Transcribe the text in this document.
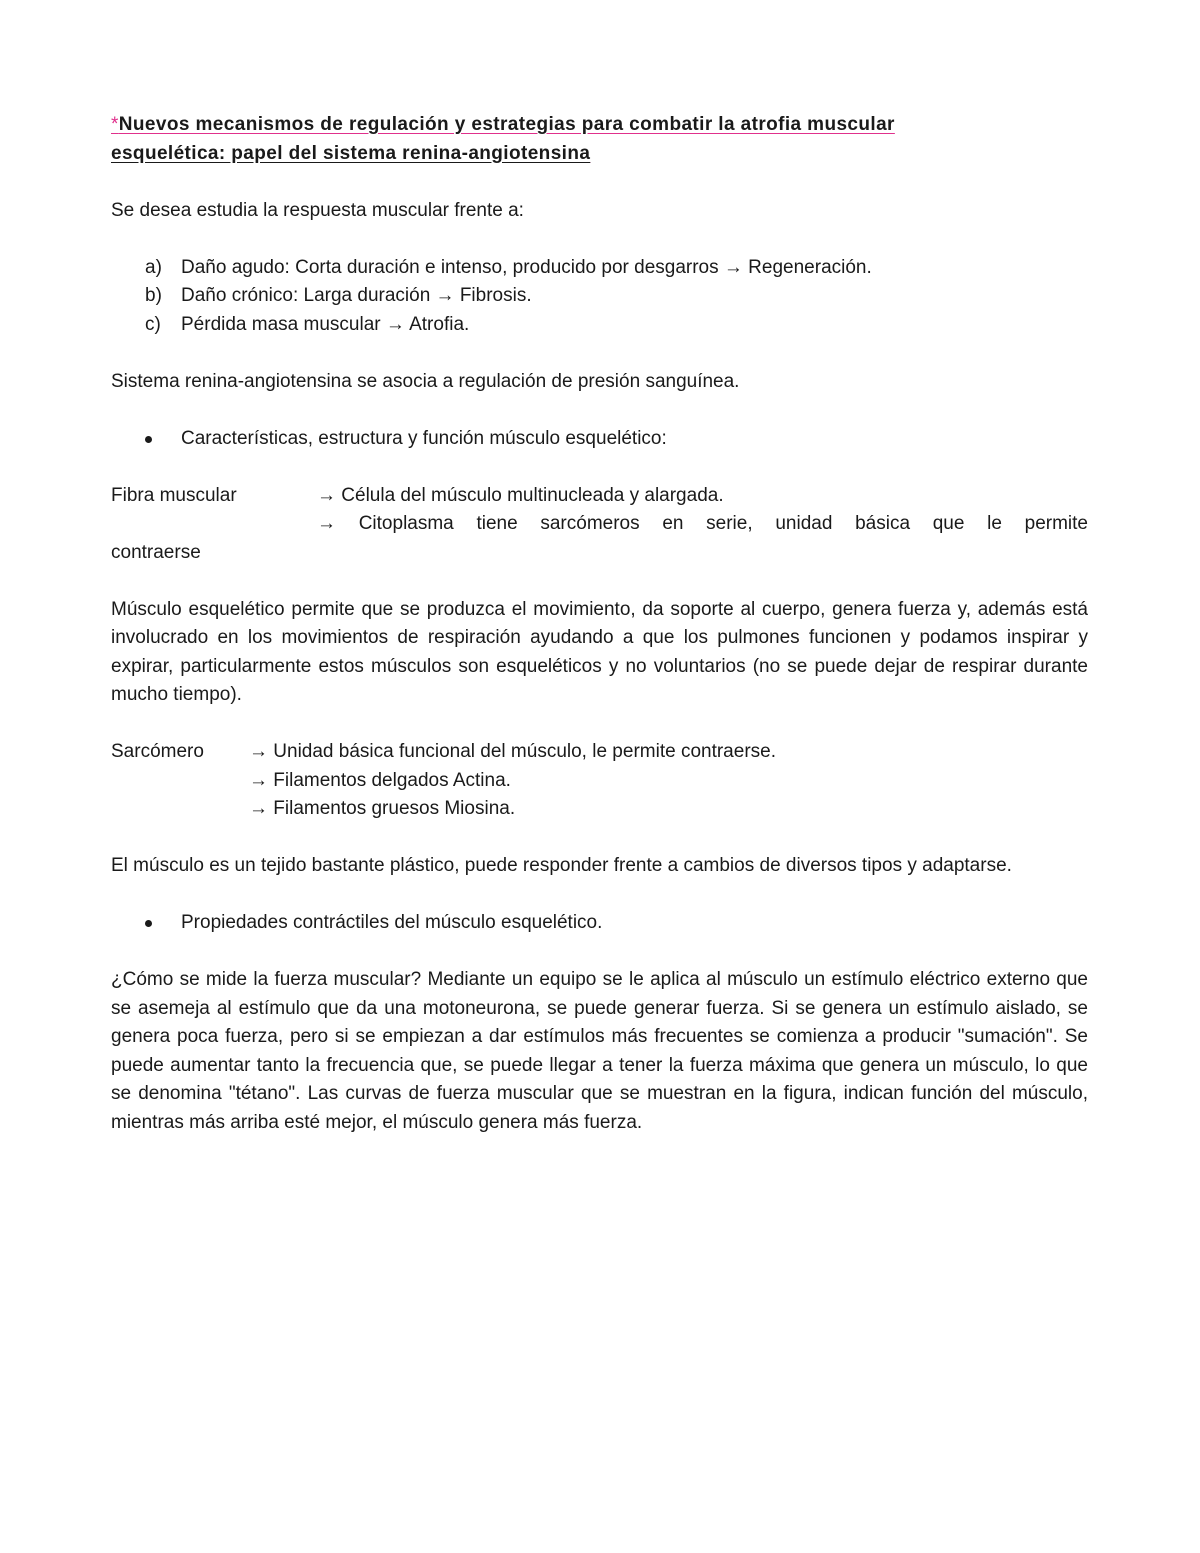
*Nuevos mecanismos de regulación y estrategias para combatir la atrofia muscular
esquelética: papel del sistema renina-angiotensina

Se desea estudia la respuesta muscular frente a:

a) Daño agudo: Corta duración e intenso, producido por desgarros → Regeneración.
b) Daño crónico: Larga duración → Fibrosis.
c) Pérdida masa muscular → Atrofia.

Sistema renina-angiotensina se asocia a regulación de presión sanguínea.

Características, estructura y función músculo esquelético:
Fibra muscular	→ Célula del músculo multinucleada y alargada.
→ Citoplasma tiene sarcómeros en serie, unidad básica que le permite
contraerse

Músculo esquelético permite que se produzca el movimiento, da soporte al cuerpo, genera fuerza y, además está involucrado en los movimientos de respiración ayudando a que los pulmones funcionen y podamos inspirar y expirar, particularmente estos músculos son esqueléticos y no voluntarios (no se puede dejar de respirar durante mucho tiempo).

Sarcómero	→ Unidad básica funcional del músculo, le permite contraerse.
→ Filamentos delgados Actina.
→ Filamentos gruesos Miosina.

El músculo es un tejido bastante plástico, puede responder frente a cambios de diversos tipos y adaptarse.

Propiedades contráctiles del músculo esquelético.

¿Cómo se mide la fuerza muscular? Mediante un equipo se le aplica al músculo un estímulo eléctrico externo que se asemeja al estímulo que da una motoneurona, se puede generar fuerza. Si se genera un estímulo aislado, se genera poca fuerza, pero si se empiezan a dar estímulos más frecuentes se comienza a producir "sumación". Se puede aumentar tanto la frecuencia que, se puede llegar a tener la fuerza máxima que genera un músculo, lo que se denomina "tétano". Las curvas de fuerza muscular que se muestran en la figura, indican función del músculo, mientras más arriba esté mejor, el músculo genera más fuerza.
